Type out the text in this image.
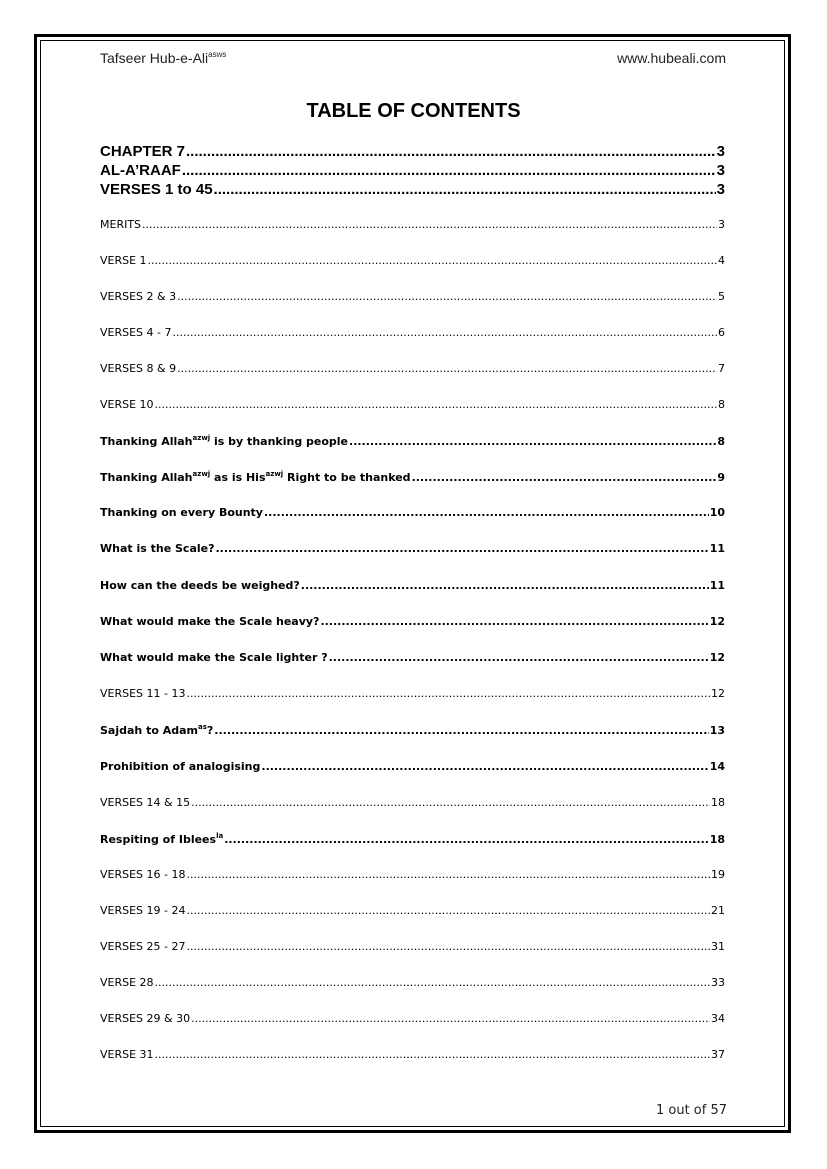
Tafseer Hub-e-Ali$^{asws}$	www.hubeali.com
TABLE OF CONTENTS
CHAPTER 7 .....	3
AL-A’RAAF .....	3
VERSES 1 to 45 .....	3
MERITS .....	3
VERSE 1 .....	4
VERSES 2 & 3 .....	5
VERSES 4 - 7 .....	6
VERSES 8 & 9 .....	7
VERSE 10 .....	8
Thanking Allah$^{azwj}$ is by thanking people .....	8
Thanking Allah$^{azwj}$ as is His$^{azwj}$ Right to be thanked .....	9
Thanking on every Bounty .....	10
What is the Scale? .....	11
How can the deeds be weighed? .....	11
What would make the Scale heavy? .....	12
What would make the Scale lighter ? .....	12
VERSES 11 - 13 .....	12
Sajdah to Adam$^{as}$? .....	13
Prohibition of analogising .....	14
VERSES 14 & 15 .....	18
Respiting of Iblees$^{la}$ .....	18
VERSES 16 - 18 .....	19
VERSES 19 - 24 .....	21
VERSES 25 - 27 .....	31
VERSE 28 .....	33
VERSES 29 & 30 .....	34
VERSE 31 .....	37
1 out of 57
